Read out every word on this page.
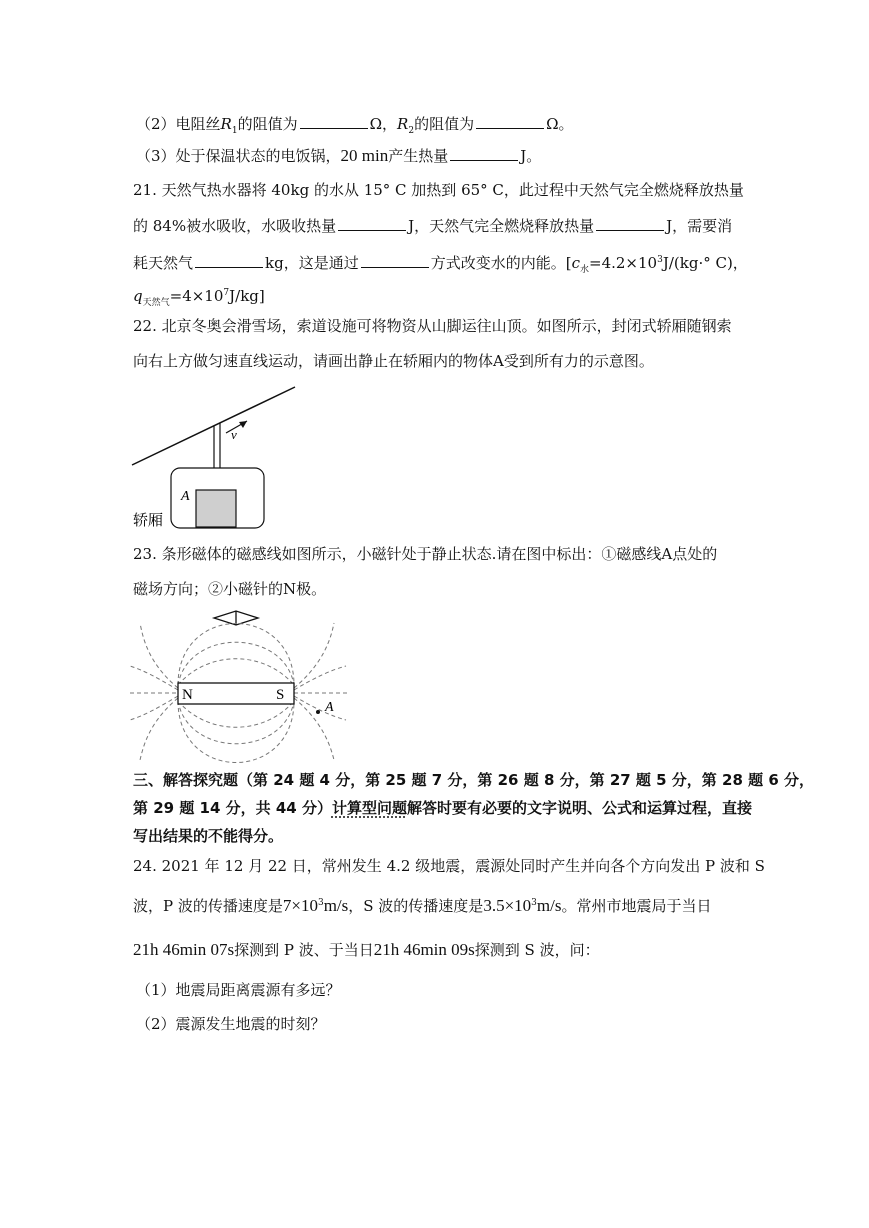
（2）电阻丝$R_1$的阻值为	Ω，$R_2$的阻值为	Ω。
（3）处于保温状态的电饭锅，20 min产生热量	J。
21. 天然气热水器将 40kg 的水从 15° C 加热到 65° C，此过程中天然气完全燃烧释放热量
的 84%被水吸收，水吸收热量	J，天然气完全燃烧释放热量	J，需要消
耗天然气	kg，这是通过	方式改变水的内能。[$c_水=4.2\times 10^3J/(kg\cdot^\circ$ C)，
$q_{天然气}=4\times 10^7J/kg$]
22. 北京冬奥会滑雪场，索道设施可将物资从山脚运往山顶。如图所示，封闭式轿厢随钢索
向右上方做匀速直线运动，请画出静止在轿厢内的物体A受到所有力的示意图。
v
A
轿厢
23. 条形磁体的磁感线如图所示，小磁针处于静止状态.请在图中标出：①磁感线A点处的
磁场方向；②小磁针的N极。
N	S
A
三、解答探究题（第 24 题 4 分，第 25 题 7 分，第 26 题 8 分，第 27 题 5 分，第 28 题 6 分，
第 29 题 14 分，共 44 分）计算型问题解答时要有必要的文字说明、公式和运算过程，直接
写出结果的不能得分。
24. 2021 年 12 月 22 日，常州发生 4.2 级地震，震源处同时产生并向各个方向发出 P 波和 S
波，P 波的传播速度是$7\times 10^3m/s$，S 波的传播速度是$3.5\times 10^3m/s$。常州市地震局于当日
21h 46min 07s探测到 P 波、于当日21h 46min 09s探测到 S 波，问：
（1）地震局距离震源有多远？
（2）震源发生地震的时刻？
